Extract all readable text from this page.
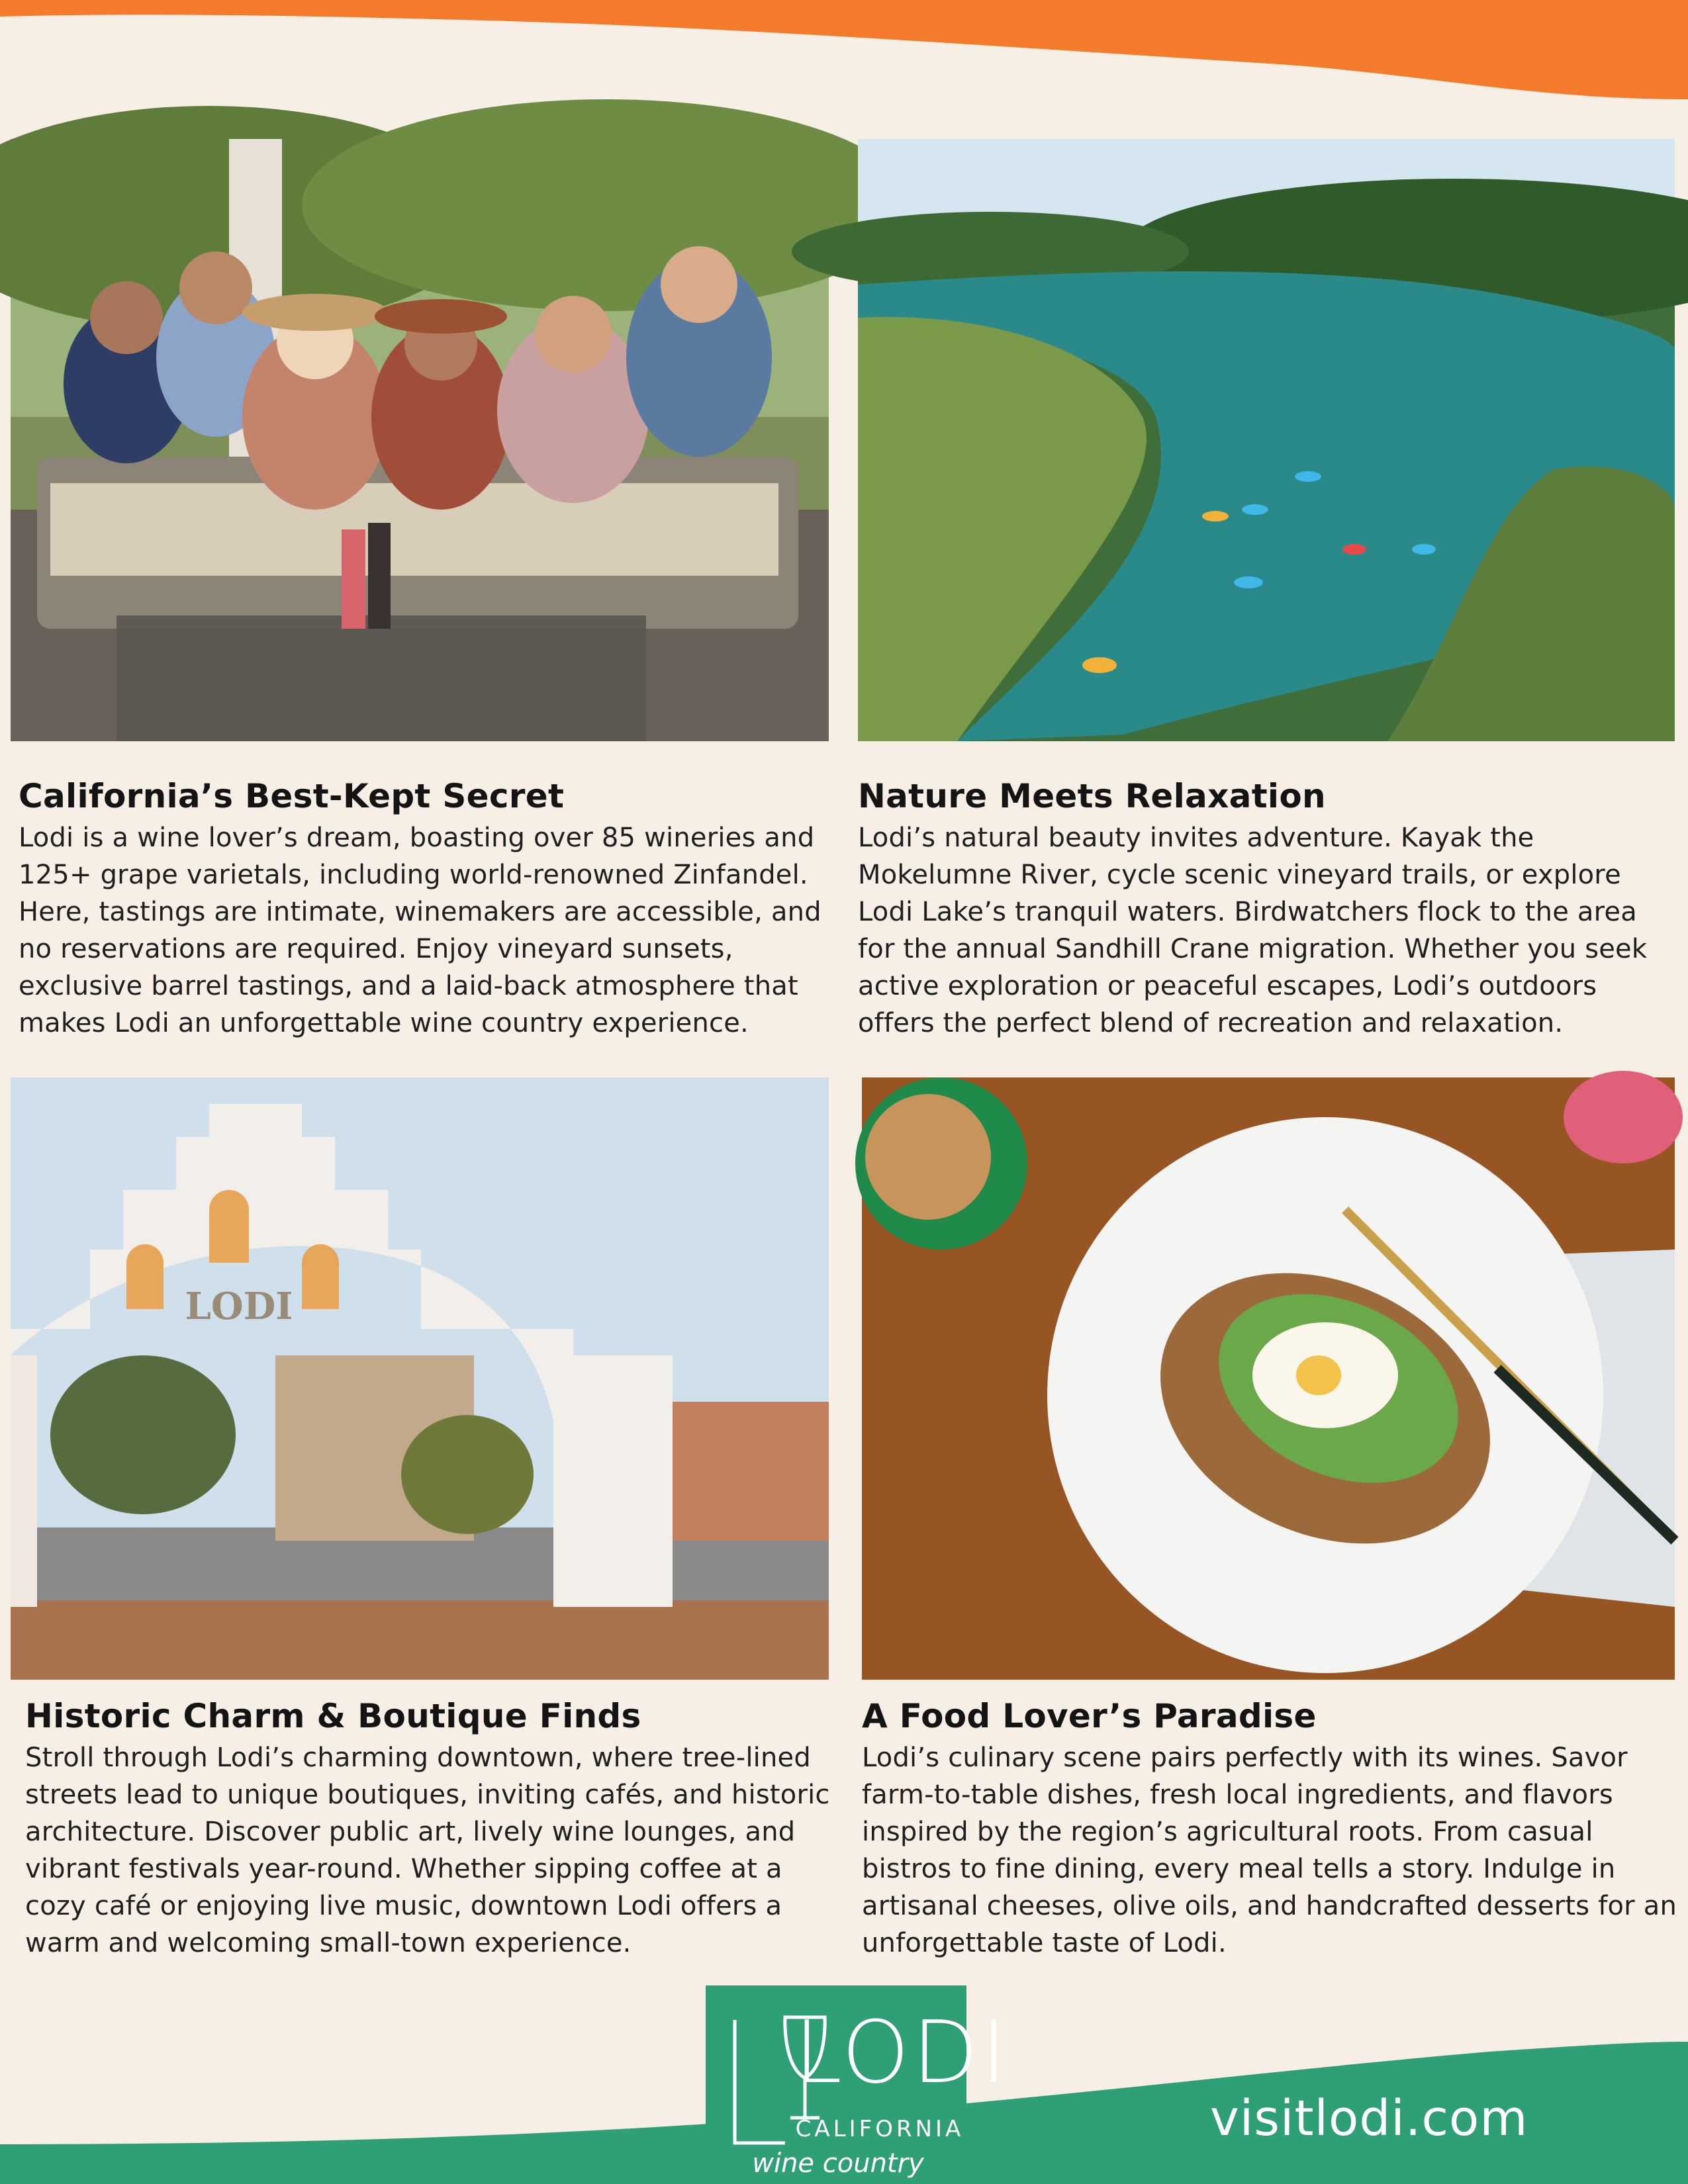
LODI
California’s Best-Kept Secret

Lodi is a wine lover’s dream, boasting over 85 wineries and
125+ grape varietals, including world-renowned Zinfandel.
Here, tastings are intimate, winemakers are accessible, and
no reservations are required. Enjoy vineyard sunsets,
exclusive barrel tastings, and a laid-back atmosphere that
makes Lodi an unforgettable wine country experience.

Nature Meets Relaxation

Lodi’s natural beauty invites adventure. Kayak the
Mokelumne River, cycle scenic vineyard trails, or explore
Lodi Lake’s tranquil waters. Birdwatchers flock to the area
for the annual Sandhill Crane migration. Whether you seek
active exploration or peaceful escapes, Lodi’s outdoors
offers the perfect blend of recreation and relaxation.

Historic Charm & Boutique Finds

Stroll through Lodi’s charming downtown, where tree-lined
streets lead to unique boutiques, inviting cafés, and historic
architecture. Discover public art, lively wine lounges, and
vibrant festivals year-round. Whether sipping coffee at a
cozy café or enjoying live music, downtown Lodi offers a
warm and welcoming small-town experience.

A Food Lover’s Paradise

Lodi’s culinary scene pairs perfectly with its wines. Savor
farm-to-table dishes, fresh local ingredients, and flavors
inspired by the region’s agricultural roots. From casual
bistros to fine dining, every meal tells a story. Indulge in
artisanal cheeses, olive oils, and handcrafted desserts for an
unforgettable taste of Lodi.

LODI
CALIFORNIA
wine country
visitlodi.com
